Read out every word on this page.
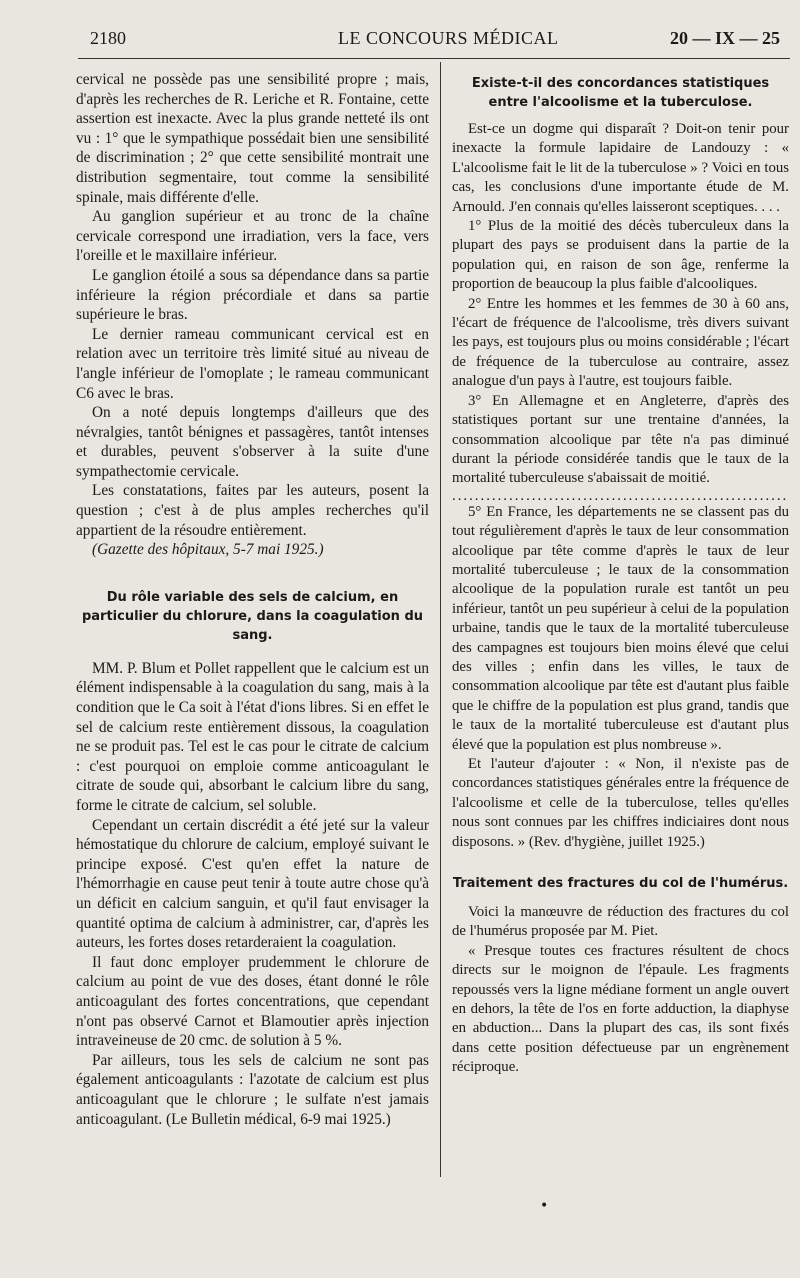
2180	LE CONCOURS MÉDICAL	20 — IX — 25

cervical ne possède pas une sensibilité propre ; mais, d'après les recherches de R. Leriche et R. Fontaine, cette assertion est inexacte. Avec la plus grande netteté ils ont vu : 1° que le sympathique possédait bien une sensibilité de discrimination ; 2° que cette sensibilité montrait une distribution segmentaire, tout comme la sensibilité spinale, mais différente d'elle.

Au ganglion supérieur et au tronc de la chaîne cervicale correspond une irradiation, vers la face, vers l'oreille et le maxillaire inférieur.

Le ganglion étoilé a sous sa dépendance dans sa partie inférieure la région précordiale et dans sa partie supérieure le bras.

Le dernier rameau communicant cervical est en relation avec un territoire très limité situé au niveau de l'angle inférieur de l'omoplate ; le rameau communicant C6 avec le bras.

On a noté depuis longtemps d'ailleurs que des névralgies, tantôt bénignes et passagères, tantôt intenses et durables, peuvent s'observer à la suite d'une sympathectomie cervicale.

Les constatations, faites par les auteurs, posent la question ; c'est à de plus amples recherches qu'il appartient de la résoudre entièrement.

(Gazette des hôpitaux, 5-7 mai 1925.)

Du rôle variable des sels de calcium, en particulier du chlorure, dans la coagulation du sang.

MM. P. Blum et Pollet rappellent que le calcium est un élément indispensable à la coagulation du sang, mais à la condition que le Ca soit à l'état d'ions libres. Si en effet le sel de calcium reste entièrement dissous, la coagulation ne se produit pas. Tel est le cas pour le citrate de calcium : c'est pourquoi on emploie comme anticoagulant le citrate de soude qui, absorbant le calcium libre du sang, forme le citrate de calcium, sel soluble.

Cependant un certain discrédit a été jeté sur la valeur hémostatique du chlorure de calcium, employé suivant le principe exposé. C'est qu'en effet la nature de l'hémorrhagie en cause peut tenir à toute autre chose qu'à un déficit en calcium sanguin, et qu'il faut envisager la quantité optima de calcium à administrer, car, d'après les auteurs, les fortes doses retarderaient la coagulation.

Il faut donc employer prudemment le chlorure de calcium au point de vue des doses, étant donné le rôle anticoagulant des fortes concentrations, que cependant n'ont pas observé Carnot et Blamoutier après injection intraveineuse de 20 cmc. de solution à 5 %.

Par ailleurs, tous les sels de calcium ne sont pas également anticoagulants : l'azotate de calcium est plus anticoagulant que le chlorure ; le sulfate n'est jamais anticoagulant. (Le Bulletin médical, 6-9 mai 1925.)

Existe-t-il des concordances statistiques entre l'alcoolisme et la tuberculose.

Est-ce un dogme qui disparaît ? Doit-on tenir pour inexacte la formule lapidaire de Landouzy : « L'alcoolisme fait le lit de la tuberculose » ? Voici en tous cas, les conclusions d'une importante étude de M. Arnould. J'en connais qu'elles laisseront sceptiques. . . .

1° Plus de la moitié des décès tuberculeux dans la plupart des pays se produisent dans la partie de la population qui, en raison de son âge, renferme la proportion de beaucoup la plus faible d'alcooliques.

2° Entre les hommes et les femmes de 30 à 60 ans, l'écart de fréquence de l'alcoolisme, très divers suivant les pays, est toujours plus ou moins considérable ; l'écart de fréquence de la tuberculose au contraire, assez analogue d'un pays à l'autre, est toujours faible.

3° En Allemagne et en Angleterre, d'après des statistiques portant sur une trentaine d'années, la consommation alcoolique par tête n'a pas diminué durant la période considérée tandis que le taux de la mortalité tuberculeuse s'abaissait de moitié.

...........................................................

5° En France, les départements ne se classent pas du tout régulièrement d'après le taux de leur consommation alcoolique par tête comme d'après le taux de leur mortalité tuberculeuse ; le taux de la consommation alcoolique de la population rurale est tantôt un peu inférieur, tantôt un peu supérieur à celui de la population urbaine, tandis que le taux de la mortalité tuberculeuse des campagnes est toujours bien moins élevé que celui des villes ; enfin dans les villes, le taux de consommation alcoolique par tête est d'autant plus faible que le chiffre de la population est plus grand, tandis que le taux de la mortalité tuberculeuse est d'autant plus élevé que la population est plus nombreuse ».

Et l'auteur d'ajouter : « Non, il n'existe pas de concordances statistiques générales entre la fréquence de l'alcoolisme et celle de la tuberculose, telles qu'elles nous sont connues par les chiffres indiciaires dont nous disposons. » (Rev. d'hygiène, juillet 1925.)

Traitement des fractures du col de l'humérus.

Voici la manœuvre de réduction des fractures du col de l'humérus proposée par M. Piet.

« Presque toutes ces fractures résultent de chocs directs sur le moignon de l'épaule. Les fragments repoussés vers la ligne médiane forment un angle ouvert en dehors, la tête de l'os en forte adduction, la diaphyse en abduction... Dans la plupart des cas, ils sont fixés dans cette position défectueuse par un engrènement réciproque.

•
